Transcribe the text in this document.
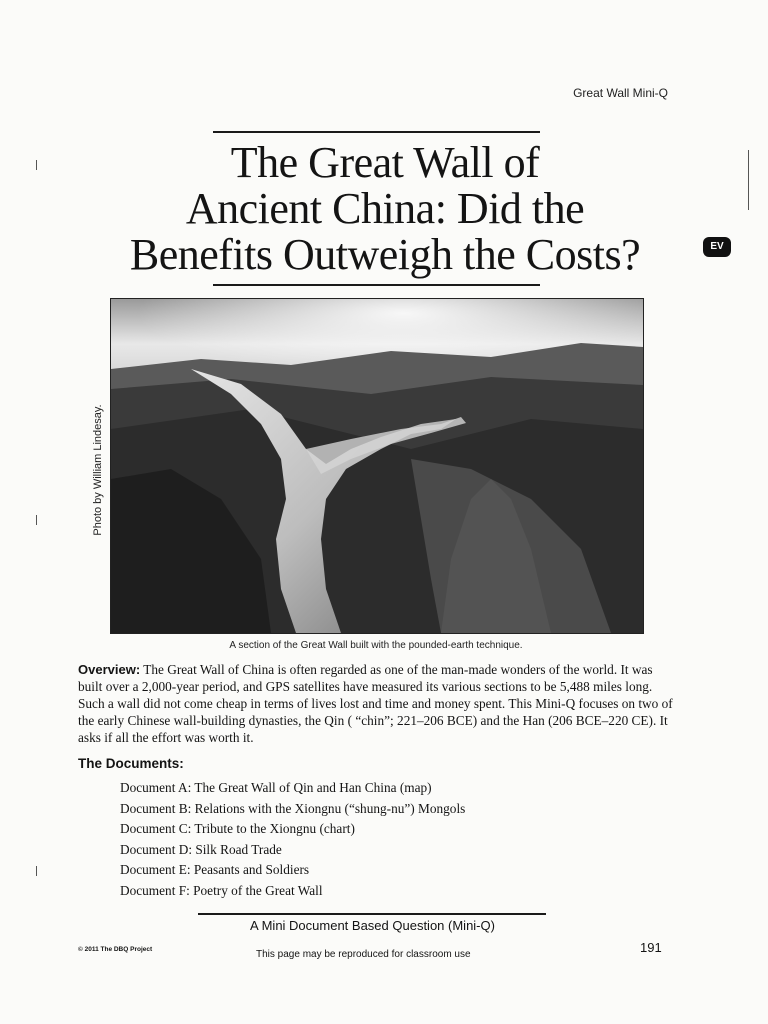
Great Wall Mini-Q
The Great Wall of
Ancient China: Did the
Benefits Outweigh the Costs?	EV
Photo by William Lindesay.
A section of the Great Wall built with the pounded-earth technique.

Overview: The Great Wall of China is often regarded as one of the man-made wonders of the world. It was built over a 2,000-year period, and GPS satellites have measured its various sections to be 5,488 miles long. Such a wall did not come cheap in terms of lives lost and time and money spent. This Mini-Q focuses on two of the early Chinese wall-building dynasties, the Qin ( “chin”; 221–206 BCE) and the Han (206 BCE–220 CE). It asks if all the effort was worth it.

The Documents:
Document A: The Great Wall of Qin and Han China (map)
Document B: Relations with the Xiongnu (“shung-nu”) Mongols
Document C: Tribute to the Xiongnu (chart)
Document D: Silk Road Trade
Document E: Peasants and Soldiers
Document F: Poetry of the Great Wall
A Mini Document Based Question (Mini-Q)
© 2011 The DBQ Project	This page may be reproduced for classroom use	191
